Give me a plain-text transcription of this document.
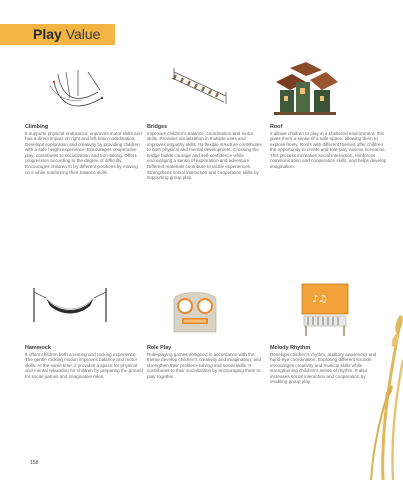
Play Value
Climbing

It supports physical endurance, improves motor skills and has a direct impact on right and left brain coordination. Develops exploration and creativity by providing children with a safe height experience. Encourages cooperative play; contributes to socialization and turn-taking. Offers progression according to the degree of difficulty. Encourages children to try different positions by moving on it while reinforcing their balance skills.

Bridges

Improves children's balance, coordination and motor skills. Provides socialization in multiple uses and improves empathy skills. Its flexible structure contributes to both physical and mental development. Crossing the bridge builds courage and self-confidence while encouraging a sense of exploration and adventure. Different materials contribute to tactile experiences. Strengthens social interaction and cooperation skills by supporting group play.

Roof

It allows children to play in a sheltered environment, this gives them a sense of a safe space, allowing them to explore freely. Roofs with different themes offer children the opportunity to create and role-play various scenarios. This process increases social interaction, reinforces communication and cooperation skills, and helps develop imagination.

♪♫
Hammock

It offers children both a resting and rocking experience. The gentle rocking motion improves balance and motor skills. At the same time, it provides a space for physical and mental relaxation for children by preparing the ground for social games and imaginative roles.

Role Play

Role-playing games designed in accordance with the theme develop children's creativity and imagination, and strengthen their problem-solving and social skills. It contributes to their socialization by encouraging them to play together.

Melody Rhythm

Develops children's rhythm, auditory awareness and hand-eye coordination. Exploring different sounds encourages creativity and musical skills while strengthening children's sense of rhythm. It also increases social interaction and cooperation by enabling group play.

158
